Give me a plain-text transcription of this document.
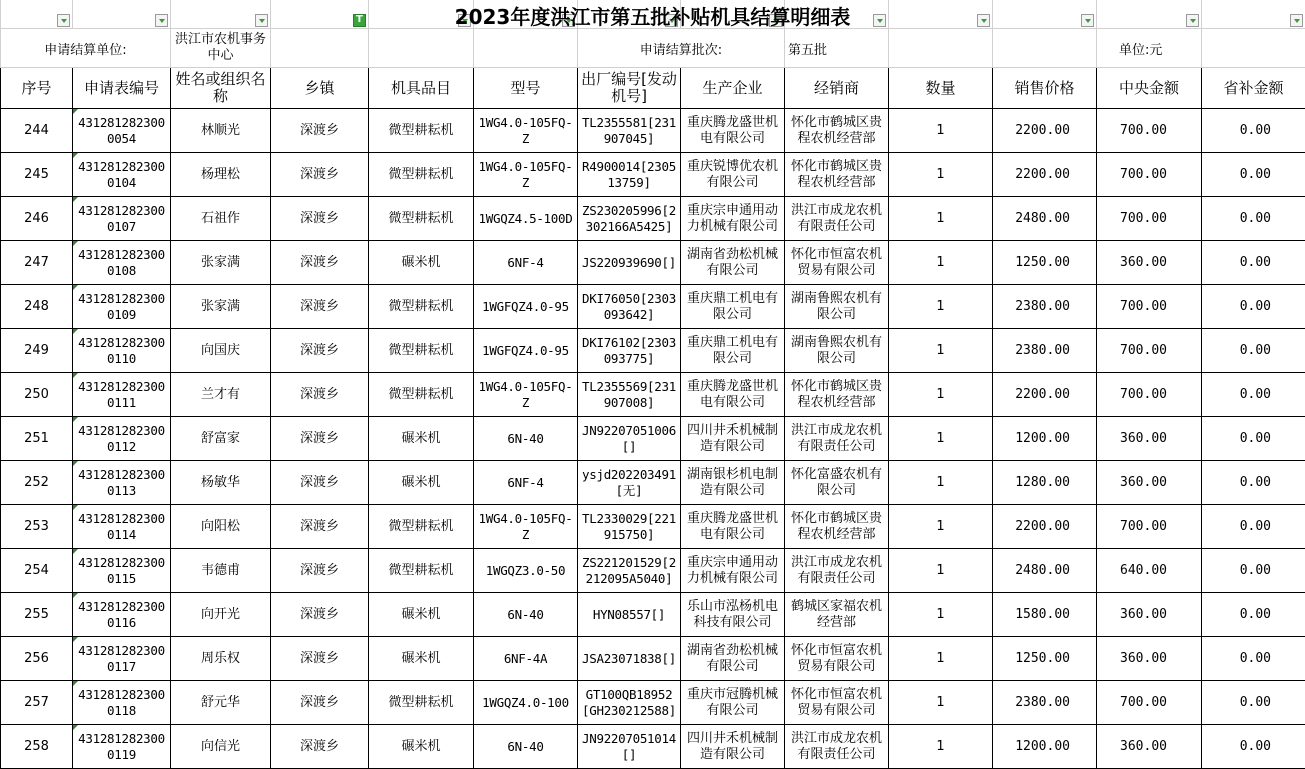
T

申请结算单位:		洪江市农机事务中心				申请结算批次:		第五批			单位:元	
序号	申请表编号	姓名或组织名称	乡镇	机具品目	型号	出厂编号[发动机号]	生产企业	经销商	数量	销售价格	中央金额	省补金额

244	4312812823000054	林顺光	深渡乡	微型耕耘机	1WG4.0-105FQ-Z	TL2355581[231907045]	重庆腾龙盛世机电有限公司	怀化市鹤城区贵程农机经营部	1	2200.00	700.00	0.00

245	4312812823000104	杨理松	深渡乡	微型耕耘机	1WG4.0-105FQ-Z	R4900014[230513759]	重庆锐博优农机有限公司	怀化市鹤城区贵程农机经营部	1	2200.00	700.00	0.00

246	4312812823000107	石祖作	深渡乡	微型耕耘机	1WGQZ4.5-100D	ZS230205996[2302166A5425]	重庆宗申通用动力机械有限公司	洪江市成龙农机有限责任公司	1	2480.00	700.00	0.00

247	4312812823000108	张家满	深渡乡	碾米机	6NF-4	JS220939690[]	湖南省劲松机械有限公司	怀化市恒富农机贸易有限公司	1	1250.00	360.00	0.00

248	4312812823000109	张家满	深渡乡	微型耕耘机	1WGFQZ4.0-95	DKI76050[2303093642]	重庆鼎工机电有限公司	湖南鲁熙农机有限公司	1	2380.00	700.00	0.00

249	4312812823000110	向国庆	深渡乡	微型耕耘机	1WGFQZ4.0-95	DKI76102[2303093775]	重庆鼎工机电有限公司	湖南鲁熙农机有限公司	1	2380.00	700.00	0.00

250	4312812823000111	兰才有	深渡乡	微型耕耘机	1WG4.0-105FQ-Z	TL2355569[231907008]	重庆腾龙盛世机电有限公司	怀化市鹤城区贵程农机经营部	1	2200.00	700.00	0.00

251	4312812823000112	舒富家	深渡乡	碾米机	6N-40	JN92207051006[]	四川井禾机械制造有限公司	洪江市成龙农机有限责任公司	1	1200.00	360.00	0.00

252	4312812823000113	杨敏华	深渡乡	碾米机	6NF-4	ysjd202203491[无]	湖南银杉机电制造有限公司	怀化富盛农机有限公司	1	1280.00	360.00	0.00

253	4312812823000114	向阳松	深渡乡	微型耕耘机	1WG4.0-105FQ-Z	TL2330029[221915750]	重庆腾龙盛世机电有限公司	怀化市鹤城区贵程农机经营部	1	2200.00	700.00	0.00

254	4312812823000115	韦德甫	深渡乡	微型耕耘机	1WGQZ3.0-50	ZS221201529[2212095A5040]	重庆宗申通用动力机械有限公司	洪江市成龙农机有限责任公司	1	2480.00	640.00	0.00

255	4312812823000116	向开光	深渡乡	碾米机	6N-40	HYN08557[]	乐山市泓杨机电科技有限公司	鹤城区家福农机经营部	1	1580.00	360.00	0.00

256	4312812823000117	周乐权	深渡乡	碾米机	6NF-4A	JSA23071838[]	湖南省劲松机械有限公司	怀化市恒富农机贸易有限公司	1	1250.00	360.00	0.00

257	4312812823000118	舒元华	深渡乡	微型耕耘机	1WGQZ4.0-100	GT100QB18952[GH230212588]	重庆市冠腾机械有限公司	怀化市恒富农机贸易有限公司	1	2380.00	700.00	0.00

258	4312812823000119	向信光	深渡乡	碾米机	6N-40	JN92207051014[]	四川井禾机械制造有限公司	洪江市成龙农机有限责任公司	1	1200.00	360.00	0.00
2023年度洪江市第五批补贴机具结算明细表
